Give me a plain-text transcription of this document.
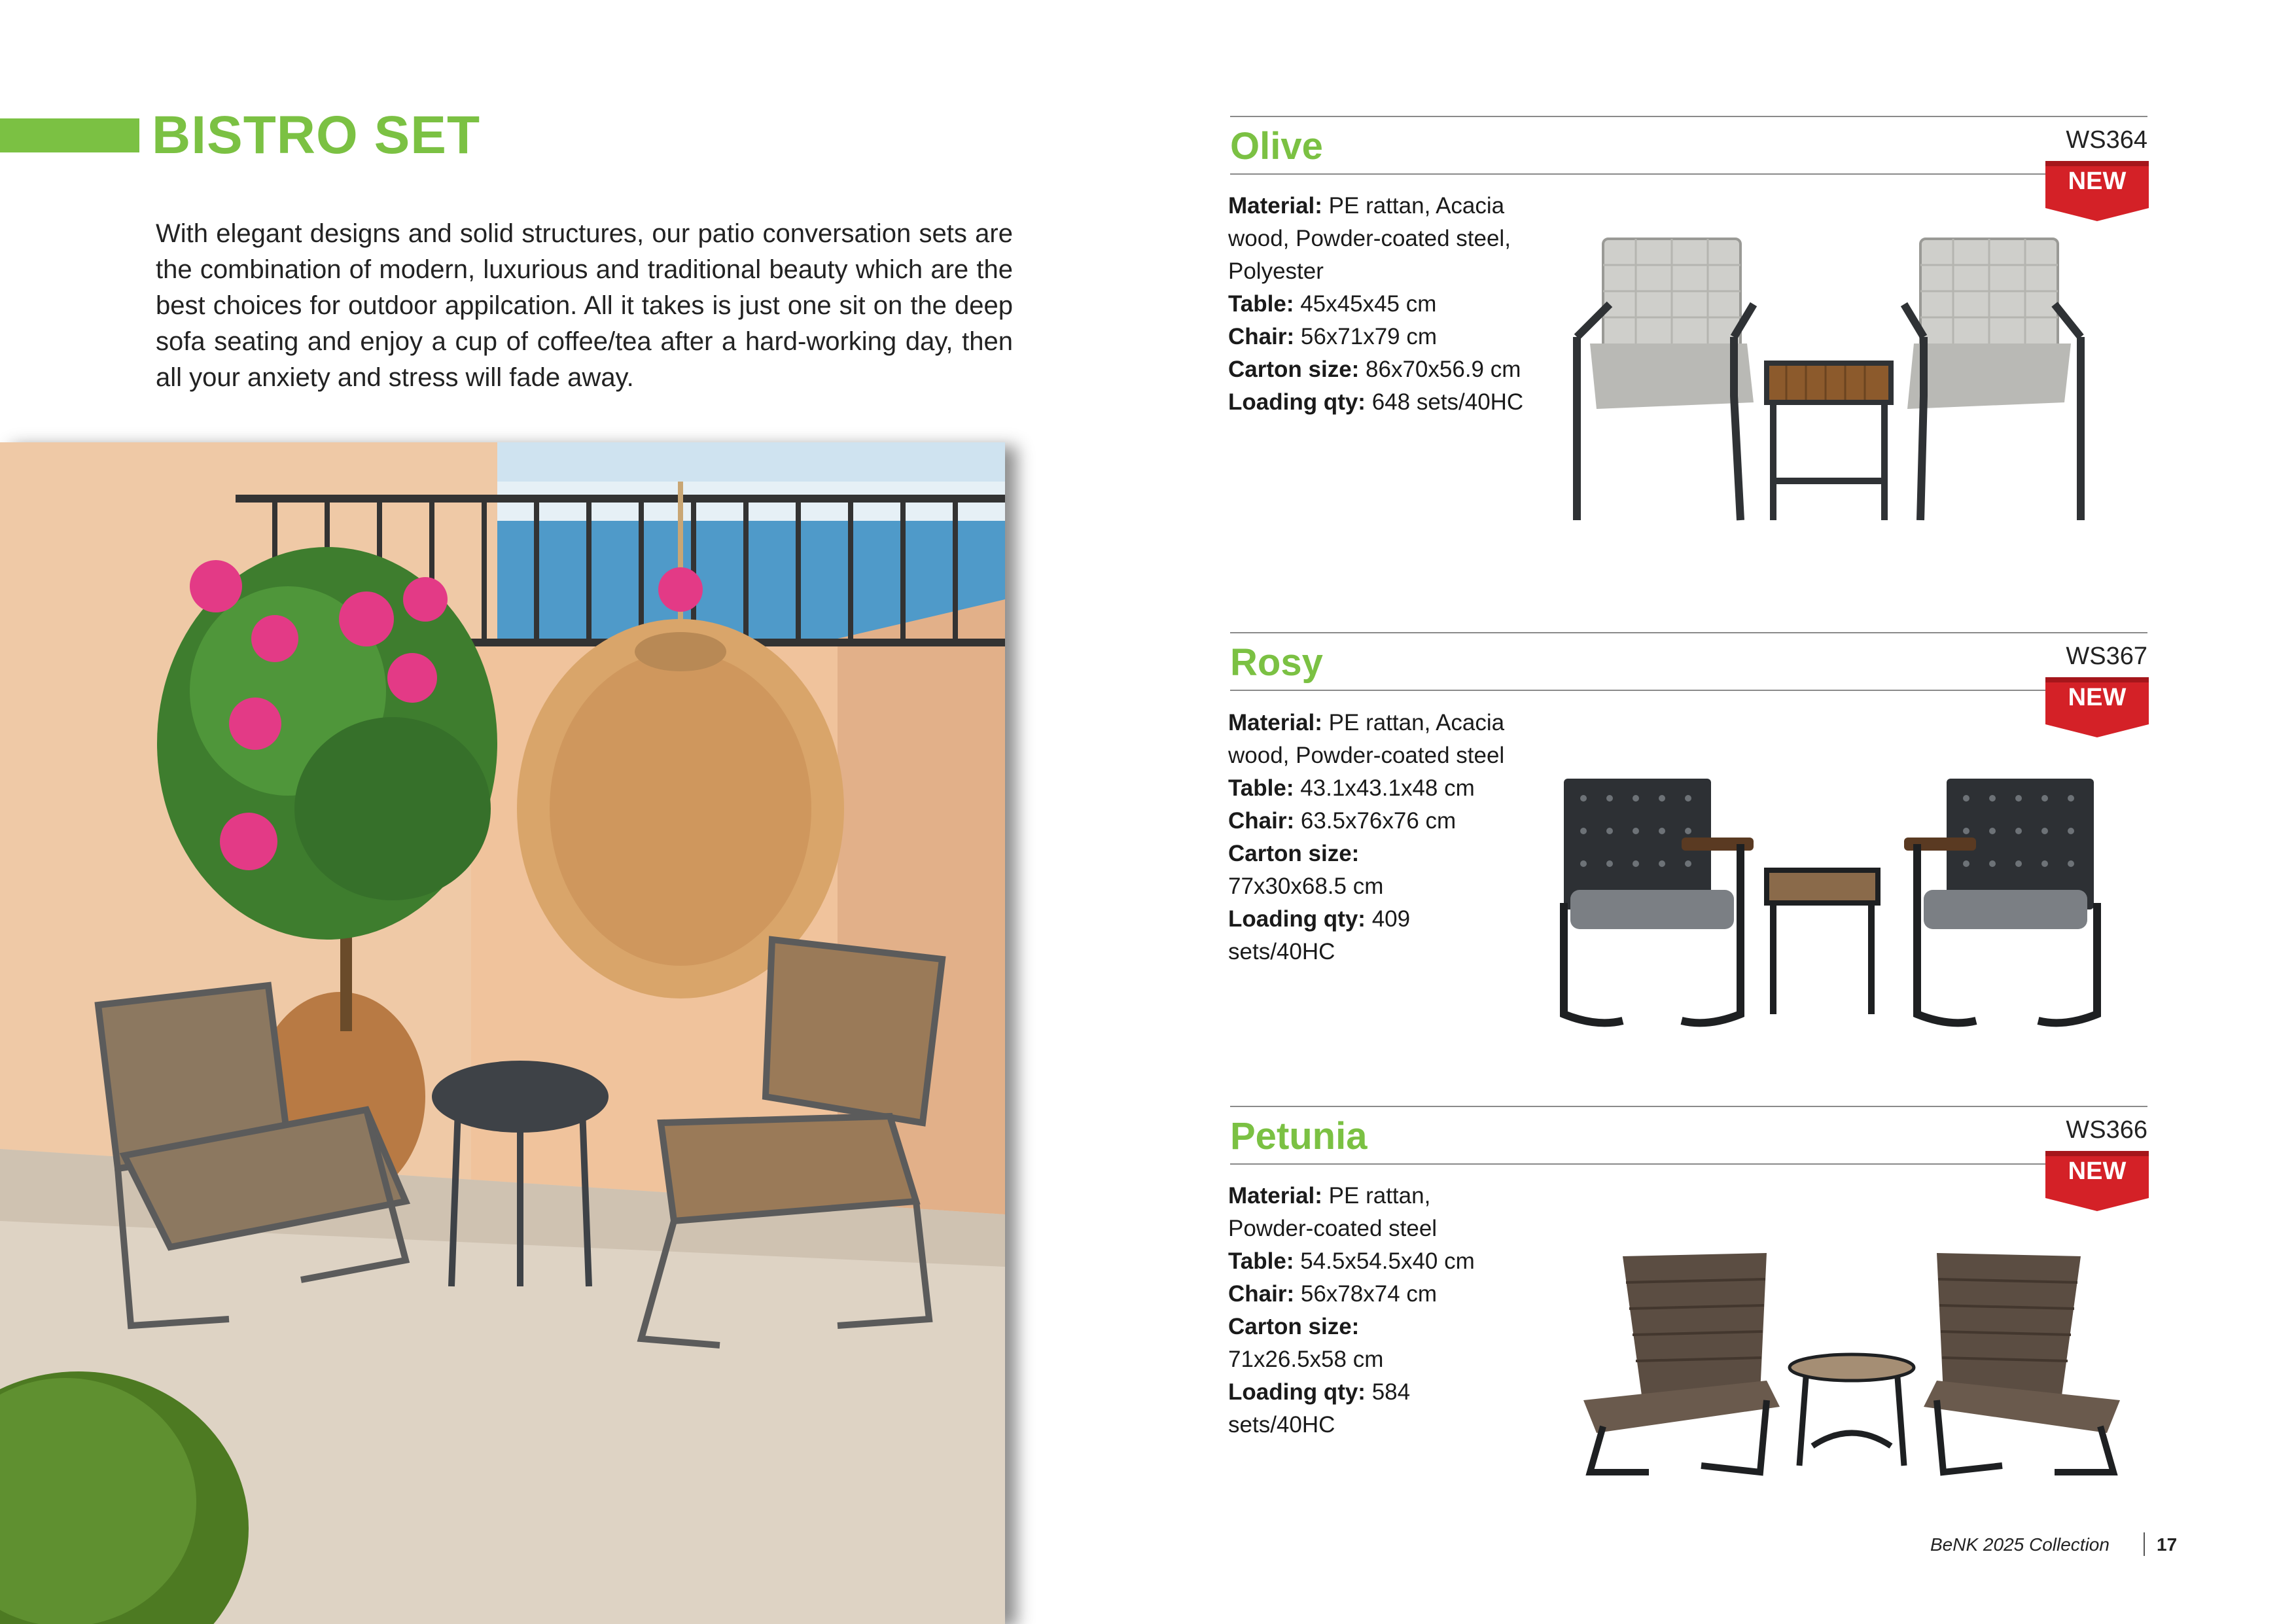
BISTRO SET
With elegant designs and solid structures, our patio conversation sets are the combination of modern, luxurious and traditional beauty which are the best choices for outdoor appilcation. All it takes is just one sit on the deep sofa seating and enjoy a cup of coffee/tea after a hard-working day, then all your anxiety and stress will fade away.
Olive	WS364
NEW
Material: PE rattan, Acacia
wood, Powder-coated steel,
Polyester
Table: 45x45x45 cm
Chair: 56x71x79 cm
Carton size: 86x70x56.9 cm
Loading qty: 648 sets/40HC
Rosy	WS367
NEW
Material: PE rattan, Acacia
wood, Powder-coated steel
Table: 43.1x43.1x48 cm
Chair: 63.5x76x76 cm
Carton size:
77x30x68.5 cm
Loading qty: 409
sets/40HC
Petunia	WS366
NEW
Material: PE rattan,
Powder-coated steel
Table: 54.5x54.5x40 cm
Chair: 56x78x74 cm
Carton size:
71x26.5x58 cm
Loading qty: 584
sets/40HC
BeNK 2025 Collection	17
